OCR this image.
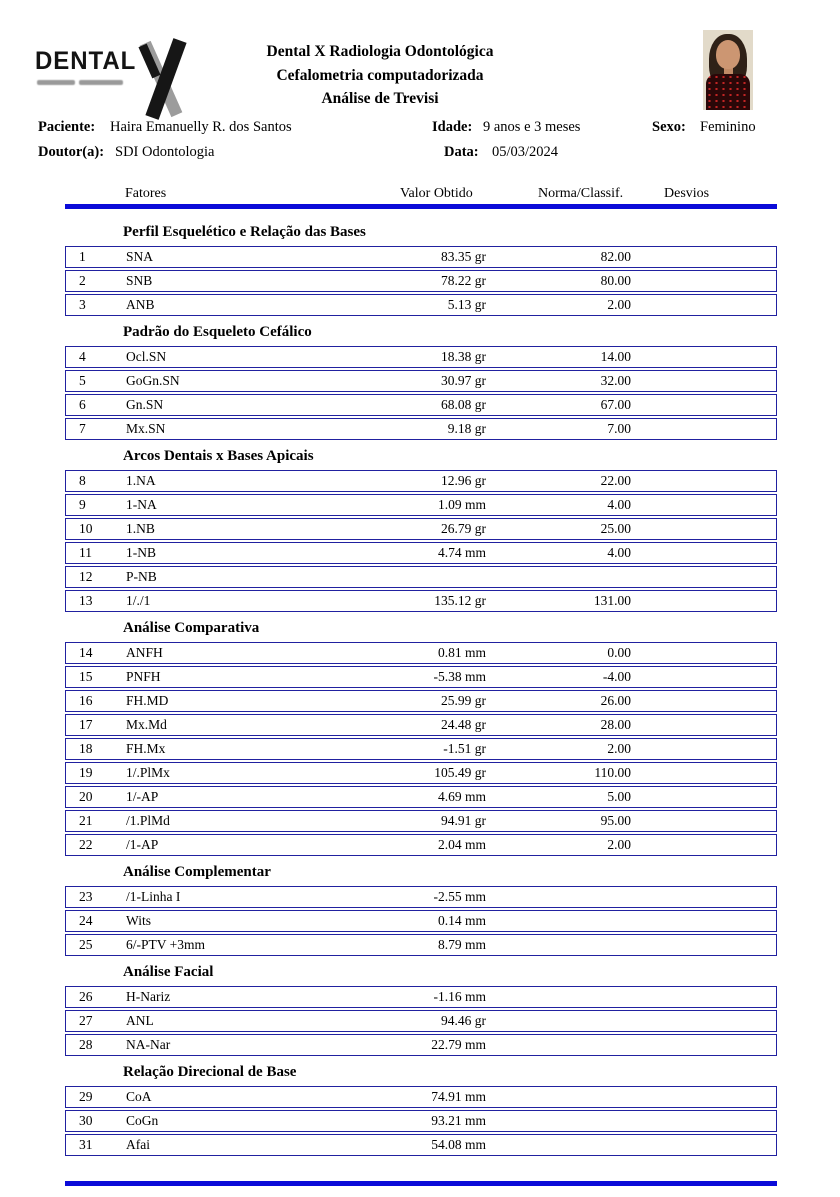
DENTAL	Dental X Radiologia Odontológica
Cefalometria computadorizada
Análise de Trevisi
Paciente: Haira Emanuelly R. dos Santos	Idade: 9 anos e 3 meses	Sexo: Feminino
Doutor(a): SDI Odontologia	Data: 05/03/2024
Fatores	Valor Obtido	Norma/Classif.	Desvios
Perfil Esquelético e Relação das Bases
1	SNA	83.35 gr	82.00
2	SNB	78.22 gr	80.00
3	ANB	5.13 gr	2.00
Padrão do Esqueleto Cefálico
4	Ocl.SN	18.38 gr	14.00
5	GoGn.SN	30.97 gr	32.00
6	Gn.SN	68.08 gr	67.00
7	Mx.SN	9.18 gr	7.00
Arcos Dentais x Bases Apicais
8	1.NA	12.96 gr	22.00
9	1-NA	1.09 mm	4.00
10	1.NB	26.79 gr	25.00
11	1-NB	4.74 mm	4.00
12	P-NB
13	1/./1	135.12 gr	131.00
Análise Comparativa
14	ANFH	0.81 mm	0.00
15	PNFH	-5.38 mm	-4.00
16	FH.MD	25.99 gr	26.00
17	Mx.Md	24.48 gr	28.00
18	FH.Mx	-1.51 gr	2.00
19	1/.PlMx	105.49 gr	110.00
20	1/-AP	4.69 mm	5.00
21	/1.PlMd	94.91 gr	95.00
22	/1-AP	2.04 mm	2.00
Análise Complementar
23	/1-Linha I	-2.55 mm
24	Wits	0.14 mm
25	6/-PTV +3mm	8.79 mm
Análise Facial
26	H-Nariz	-1.16 mm
27	ANL	94.46 gr
28	NA-Nar	22.79 mm
Relação Direcional de Base
29	CoA	74.91 mm
30	CoGn	93.21 mm
31	Afai	54.08 mm
